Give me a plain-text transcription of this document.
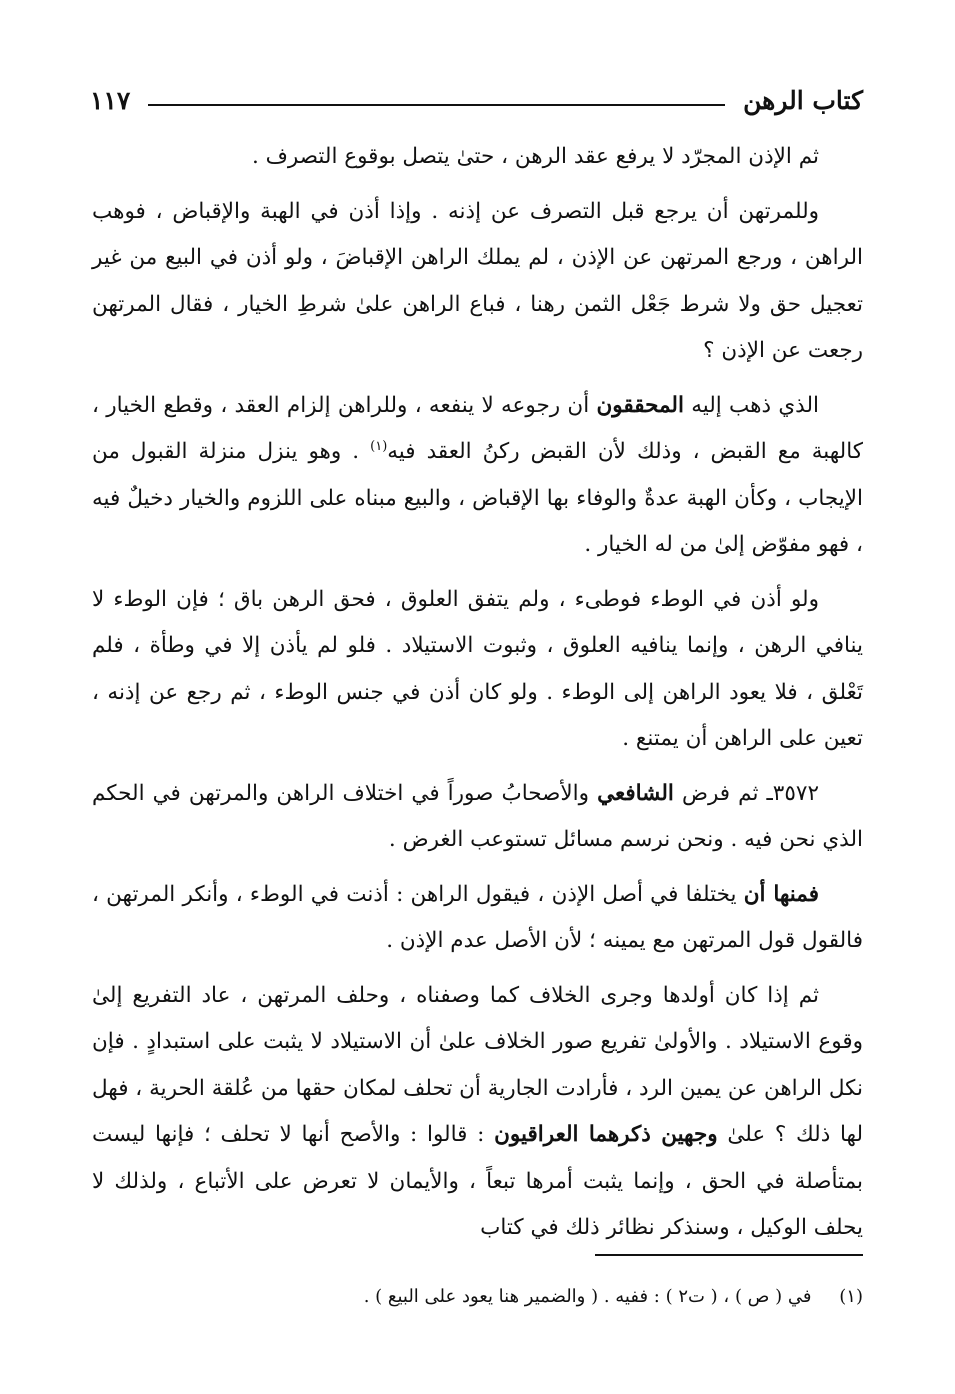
كتاب الرهن
١١٧

ثم الإذن المجرّد لا يرفع عقد الرهن ، حتىٰ يتصل بوقوع التصرف .

وللمرتهن أن يرجع قبل التصرف عن إذنه . وإذا أذن في الهبة والإقباض ، فوهب الراهن ، ورجع المرتهن عن الإذن ، لم يملك الراهن الإقباضَ ، ولو أذن في البيع من غير تعجيل حق ولا شرط جَعْل الثمن رهنا ، فباع الراهن علىٰ شرطِ الخيار ، فقال المرتهن رجعت عن الإذن ؟

الذي ذهب إليه المحققون أن رجوعه لا ينفعه ، وللراهن إلزام العقد ، وقطع الخيار ، كالهبة مع القبض ، وذلك لأن القبض ركنُ العقد فيه$^{(١)}$ . وهو ينزل منزلة القبول من الإيجاب ، وكأن الهبة عدةٌ والوفاء بها الإقباض ، والبيع مبناه على اللزوم والخيار دخيلٌ فيه ، فهو مفوّض إلىٰ من له الخيار .

ولو أذن في الوطء فوطىء ، ولم يتفق العلوق ، فحق الرهن باق ؛ فإن الوطء لا ينافي الرهن ، وإنما ينافيه العلوق ، وثبوت الاستيلاد . فلو لم يأذن إلا في وطأة ، فلم تَعْلق ، فلا يعود الراهن إلى الوطء . ولو كان أذن في جنس الوطء ، ثم رجع عن إذنه ، تعين على الراهن أن يمتنع .

٣٥٧٢ـ ثم فرض الشافعي والأصحابُ صوراً في اختلاف الراهن والمرتهن في الحكم الذي نحن فيه . ونحن نرسم مسائل تستوعب الغرض .

فمنها أن يختلفا في أصل الإذن ، فيقول الراهن : أذنت في الوطء ، وأنكر المرتهن ، فالقول قول المرتهن مع يمينه ؛ لأن الأصل عدم الإذن .

ثم إذا كان أولدها وجرى الخلاف كما وصفناه ، وحلف المرتهن ، عاد التفريع إلىٰ وقوع الاستيلاد . والأولىٰ تفريع صور الخلاف علىٰ أن الاستيلاد لا يثبت على استبدادٍ . فإن نكل الراهن عن يمين الرد ، فأرادت الجارية أن تحلف لمكان حقها من عُلقة الحرية ، فهل لها ذلك ؟ علىٰ وجهين ذكرهما العراقيون : قالوا : والأصح أنها لا تحلف ؛ فإنها ليست بمتأصلة في الحق ، وإنما يثبت أمرها تبعاً ، والأيمان لا تعرض على الأتباع ، ولذلك لا يحلف الوكيل ، وسنذكر نظائر ذلك في كتاب

(١) في ( ص ) ، ( ت٢ ) : ففيه . ( والضمير هنا يعود على البيع ) .
